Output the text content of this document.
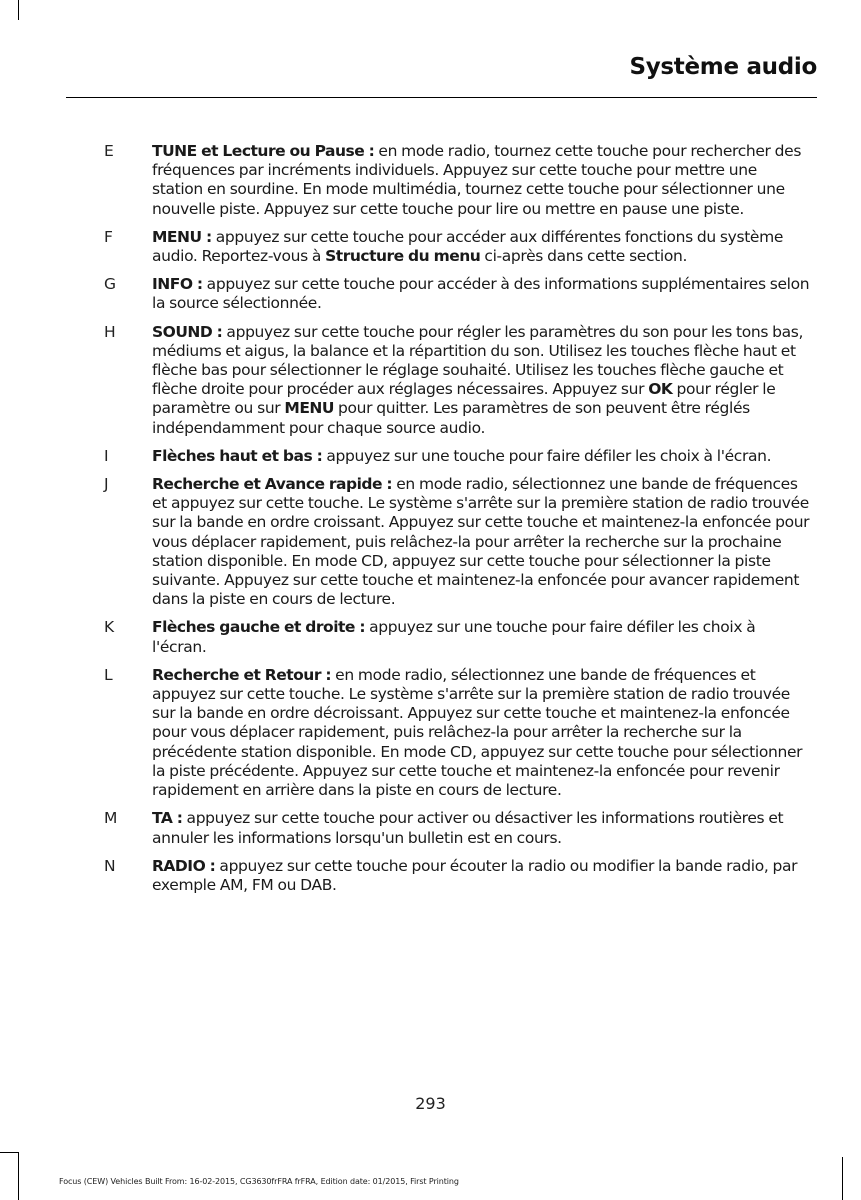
Système audio
E TUNE et Lecture ou Pause : en mode radio, tournez cette touche pour rechercher des fréquences par incréments individuels. Appuyez sur cette touche pour mettre une station en sourdine. En mode multimédia, tournez cette touche pour sélectionner une nouvelle piste. Appuyez sur cette touche pour lire ou mettre en pause une piste.
F	MENU : appuyez sur cette touche pour accéder aux différentes fonctions du système audio. Reportez-vous à Structure du menu ci-après dans cette section.
G INFO : appuyez sur cette touche pour accéder à des informations supplémentaires selon la source sélectionnée.
H SOUND : appuyez sur cette touche pour régler les paramètres du son pour les tons bas, médiums et aigus, la balance et la répartition du son. Utilisez les touches flèche haut et flèche bas pour sélectionner le réglage souhaité. Utilisez les touches flèche gauche et flèche droite pour procéder aux réglages nécessaires. Appuyez sur OK pour régler le paramètre ou sur MENU pour quitter. Les paramètres de son peuvent être réglés indépendamment pour chaque source audio.
I	Flèches haut et bas : appuyez sur une touche pour faire défiler les choix à l'écran.
J	Recherche et Avance rapide : en mode radio, sélectionnez une bande de fréquences et appuyez sur cette touche. Le système s'arrête sur la première station de radio trouvée sur la bande en ordre croissant. Appuyez sur cette touche et maintenez-la enfoncée pour vous déplacer rapidement, puis relâchez-la pour arrêter la recherche sur la prochaine station disponible. En mode CD, appuyez sur cette touche pour sélectionner la piste suivante. Appuyez sur cette touche et maintenez-la enfoncée pour avancer rapidement dans la piste en cours de lecture.
K Flèches gauche et droite : appuyez sur une touche pour faire défiler les choix à l'écran.
L	Recherche et Retour : en mode radio, sélectionnez une bande de fréquences et appuyez sur cette touche. Le système s'arrête sur la première station de radio trouvée sur la bande en ordre décroissant. Appuyez sur cette touche et maintenez-la enfoncée pour vous déplacer rapidement, puis relâchez-la pour arrêter la recherche sur la précédente station disponible. En mode CD, appuyez sur cette touche pour sélectionner la piste précédente. Appuyez sur cette touche et maintenez-la enfoncée pour revenir rapidement en arrière dans la piste en cours de lecture.
M TA : appuyez sur cette touche pour activer ou désactiver les informations routières et annuler les informations lorsqu'un bulletin est en cours.
N RADIO : appuyez sur cette touche pour écouter la radio ou modifier la bande radio, par exemple AM, FM ou DAB.
293
Focus (CEW) Vehicles Built From: 16-02-2015, CG3630frFRA frFRA, Edition date: 01/2015, First Printing
